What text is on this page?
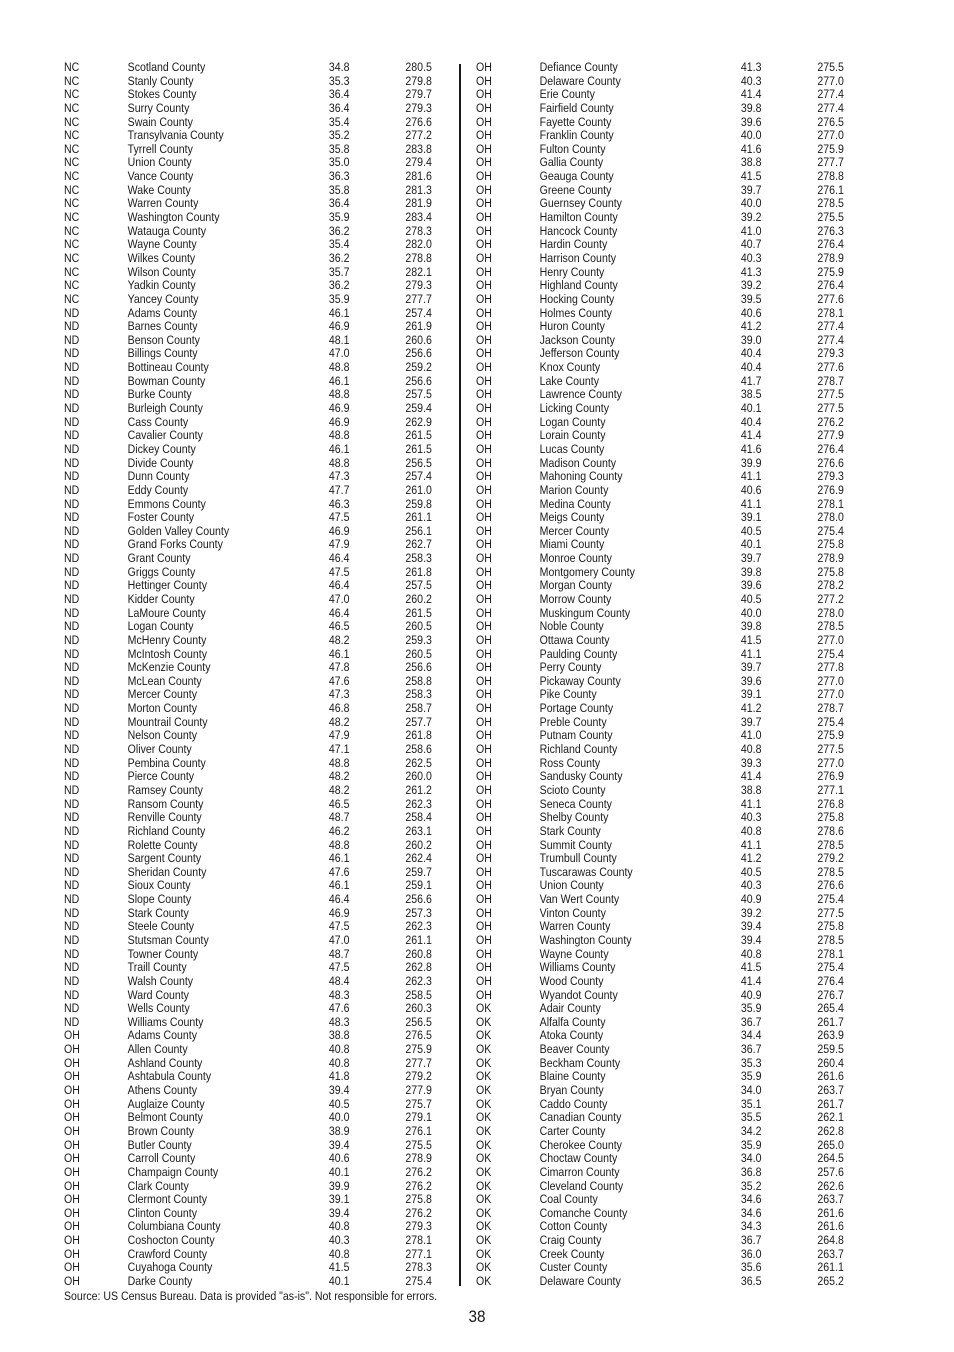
NC	Scotland County	34.8	280.5
NC	Stanly County	35.3	279.8
NC	Stokes County	36.4	279.7
NC	Surry County	36.4	279.3
NC	Swain County	35.4	276.6
NC	Transylvania County	35.2	277.2
NC	Tyrrell County	35.8	283.8
NC	Union County	35.0	279.4
NC	Vance County	36.3	281.6
NC	Wake County	35.8	281.3
NC	Warren County	36.4	281.9
NC	Washington County	35.9	283.4
NC	Watauga County	36.2	278.3
NC	Wayne County	35.4	282.0
NC	Wilkes County	36.2	278.8
NC	Wilson County	35.7	282.1
NC	Yadkin County	36.2	279.3
NC	Yancey County	35.9	277.7
ND	Adams County	46.1	257.4
ND	Barnes County	46.9	261.9
ND	Benson County	48.1	260.6
ND	Billings County	47.0	256.6
ND	Bottineau County	48.8	259.2
ND	Bowman County	46.1	256.6
ND	Burke County	48.8	257.5
ND	Burleigh County	46.9	259.4
ND	Cass County	46.9	262.9
ND	Cavalier County	48.8	261.5
ND	Dickey County	46.1	261.5
ND	Divide County	48.8	256.5
ND	Dunn County	47.3	257.4
ND	Eddy County	47.7	261.0
ND	Emmons County	46.3	259.8
ND	Foster County	47.5	261.1
ND	Golden Valley County	46.9	256.1
ND	Grand Forks County	47.9	262.7
ND	Grant County	46.4	258.3
ND	Griggs County	47.5	261.8
ND	Hettinger County	46.4	257.5
ND	Kidder County	47.0	260.2
ND	LaMoure County	46.4	261.5
ND	Logan County	46.5	260.5
ND	McHenry County	48.2	259.3
ND	McIntosh County	46.1	260.5
ND	McKenzie County	47.8	256.6
ND	McLean County	47.6	258.8
ND	Mercer County	47.3	258.3
ND	Morton County	46.8	258.7
ND	Mountrail County	48.2	257.7
ND	Nelson County	47.9	261.8
ND	Oliver County	47.1	258.6
ND	Pembina County	48.8	262.5
ND	Pierce County	48.2	260.0
ND	Ramsey County	48.2	261.2
ND	Ransom County	46.5	262.3
ND	Renville County	48.7	258.4
ND	Richland County	46.2	263.1
ND	Rolette County	48.8	260.2
ND	Sargent County	46.1	262.4
ND	Sheridan County	47.6	259.7
ND	Sioux County	46.1	259.1
ND	Slope County	46.4	256.6
ND	Stark County	46.9	257.3
ND	Steele County	47.5	262.3
ND	Stutsman County	47.0	261.1
ND	Towner County	48.7	260.8
ND	Traill County	47.5	262.8
ND	Walsh County	48.4	262.3
ND	Ward County	48.3	258.5
ND	Wells County	47.6	260.3
ND	Williams County	48.3	256.5
OH	Adams County	38.8	276.5
OH	Allen County	40.8	275.9
OH	Ashland County	40.8	277.7
OH	Ashtabula County	41.8	279.2
OH	Athens County	39.4	277.9
OH	Auglaize County	40.5	275.7
OH	Belmont County	40.0	279.1
OH	Brown County	38.9	276.1
OH	Butler County	39.4	275.5
OH	Carroll County	40.6	278.9
OH	Champaign County	40.1	276.2
OH	Clark County	39.9	276.2
OH	Clermont County	39.1	275.8
OH	Clinton County	39.4	276.2
OH	Columbiana County	40.8	279.3
OH	Coshocton County	40.3	278.1
OH	Crawford County	40.8	277.1
OH	Cuyahoga County	41.5	278.3
OH	Darke County	40.1	275.4
OH	Defiance County	41.3	275.5
OH	Delaware County	40.3	277.0
OH	Erie County	41.4	277.4
OH	Fairfield County	39.8	277.4
OH	Fayette County	39.6	276.5
OH	Franklin County	40.0	277.0
OH	Fulton County	41.6	275.9
OH	Gallia County	38.8	277.7
OH	Geauga County	41.5	278.8
OH	Greene County	39.7	276.1
OH	Guernsey County	40.0	278.5
OH	Hamilton County	39.2	275.5
OH	Hancock County	41.0	276.3
OH	Hardin County	40.7	276.4
OH	Harrison County	40.3	278.9
OH	Henry County	41.3	275.9
OH	Highland County	39.2	276.4
OH	Hocking County	39.5	277.6
OH	Holmes County	40.6	278.1
OH	Huron County	41.2	277.4
OH	Jackson County	39.0	277.4
OH	Jefferson County	40.4	279.3
OH	Knox County	40.4	277.6
OH	Lake County	41.7	278.7
OH	Lawrence County	38.5	277.5
OH	Licking County	40.1	277.5
OH	Logan County	40.4	276.2
OH	Lorain County	41.4	277.9
OH	Lucas County	41.6	276.4
OH	Madison County	39.9	276.6
OH	Mahoning County	41.1	279.3
OH	Marion County	40.6	276.9
OH	Medina County	41.1	278.1
OH	Meigs County	39.1	278.0
OH	Mercer County	40.5	275.4
OH	Miami County	40.1	275.8
OH	Monroe County	39.7	278.9
OH	Montgomery County	39.8	275.8
OH	Morgan County	39.6	278.2
OH	Morrow County	40.5	277.2
OH	Muskingum County	40.0	278.0
OH	Noble County	39.8	278.5
OH	Ottawa County	41.5	277.0
OH	Paulding County	41.1	275.4
OH	Perry County	39.7	277.8
OH	Pickaway County	39.6	277.0
OH	Pike County	39.1	277.0
OH	Portage County	41.2	278.7
OH	Preble County	39.7	275.4
OH	Putnam County	41.0	275.9
OH	Richland County	40.8	277.5
OH	Ross County	39.3	277.0
OH	Sandusky County	41.4	276.9
OH	Scioto County	38.8	277.1
OH	Seneca County	41.1	276.8
OH	Shelby County	40.3	275.8
OH	Stark County	40.8	278.6
OH	Summit County	41.1	278.5
OH	Trumbull County	41.2	279.2
OH	Tuscarawas County	40.5	278.5
OH	Union County	40.3	276.6
OH	Van Wert County	40.9	275.4
OH	Vinton County	39.2	277.5
OH	Warren County	39.4	275.8
OH	Washington County	39.4	278.5
OH	Wayne County	40.8	278.1
OH	Williams County	41.5	275.4
OH	Wood County	41.4	276.4
OH	Wyandot County	40.9	276.7
OK	Adair County	35.9	265.4
OK	Alfalfa County	36.7	261.7
OK	Atoka County	34.4	263.9
OK	Beaver County	36.7	259.5
OK	Beckham County	35.3	260.4
OK	Blaine County	35.9	261.6
OK	Bryan County	34.0	263.7
OK	Caddo County	35.1	261.7
OK	Canadian County	35.5	262.1
OK	Carter County	34.2	262.8
OK	Cherokee County	35.9	265.0
OK	Choctaw County	34.0	264.5
OK	Cimarron County	36.8	257.6
OK	Cleveland County	35.2	262.6
OK	Coal County	34.6	263.7
OK	Comanche County	34.6	261.6
OK	Cotton County	34.3	261.6
OK	Craig County	36.7	264.8
OK	Creek County	36.0	263.7
OK	Custer County	35.6	261.1
OK	Delaware County	36.5	265.2
Source: US Census Bureau. Data is provided "as-is". Not responsible for errors.
38
